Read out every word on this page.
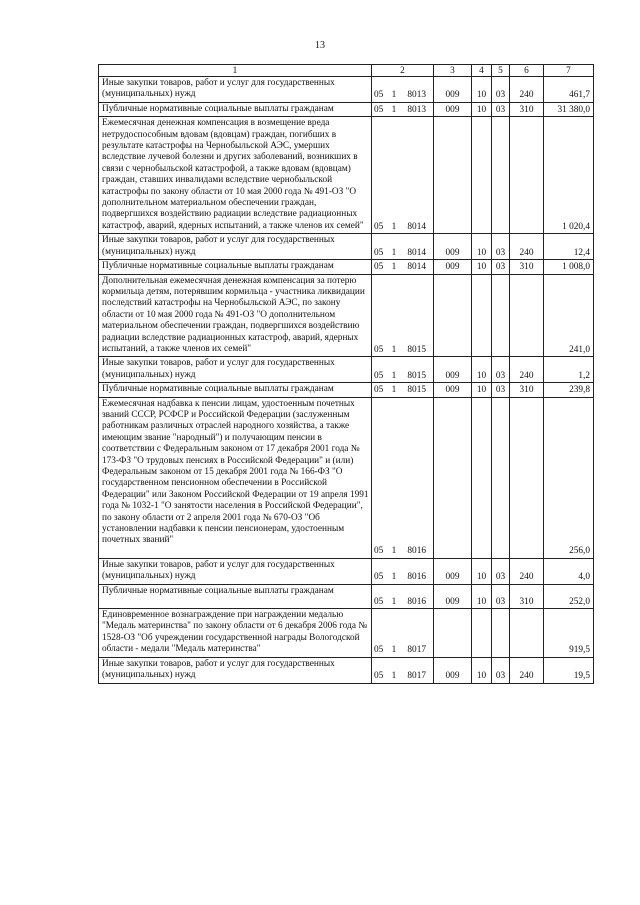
13
1	2	3	4	5	6	7
Иные закупки товаров, работ и услуг для государственных (муниципальных) нужд	05 1 8013	009	10	03	240	461,7
Публичные нормативные социальные выплаты гражданам	05 1 8013	009	10	03	310	31 380,0
Ежемесячная денежная компенсация в возмещение вреда нетрудоспособным вдовам (вдовцам) граждан, погибших в результате катастрофы на Чернобыльской АЭС, умерших вследствие лучевой болезни и других заболеваний, возникших в связи с чернобыльской катастрофой, а также вдовам (вдовцам) граждан, ставших инвалидами вследствие чернобыльской катастрофы по закону области от 10 мая 2000 года № 491-ОЗ "О дополнительном материальном обеспечении граждан, подвергшихся воздействию радиации вследствие радиационных катастроф, аварий, ядерных испытаний, а также членов их семей"	05 1 8014					1 020,4
Иные закупки товаров, работ и услуг для государственных (муниципальных) нужд	05 1 8014	009	10	03	240	12,4
Публичные нормативные социальные выплаты гражданам	05 1 8014	009	10	03	310	1 008,0
Дополнительная ежемесячная денежная компенсация за потерю кормильца детям, потерявшим кормильца - участника ликвидации последствий катастрофы на Чернобыльской АЭС, по закону области от 10 мая 2000 года № 491-ОЗ "О дополнительном материальном обеспечении граждан, подвергшихся воздействию радиации вследствие радиационных катастроф, аварий, ядерных испытаний, а также членов их семей"	05 1 8015					241,0
Иные закупки товаров, работ и услуг для государственных (муниципальных) нужд	05 1 8015	009	10	03	240	1,2
Публичные нормативные социальные выплаты гражданам	05 1 8015	009	10	03	310	239,8
Ежемесячная надбавка к пенсии лицам, удостоенным почетных званий СССР, РСФСР и Российской Федерации (заслуженным работникам различных отраслей народного хозяйства, а также имеющим звание "народный") и получающим пенсии в соответствии с Федеральным законом от 17 декабря 2001 года № 173-ФЗ "О трудовых пенсиях в Российской Федерации" и (или) Федеральным законом от 15 декабря 2001 года № 166-ФЗ "О государственном пенсионном обеспечении в Российской Федерации" или Законом Российской Федерации от 19 апреля 1991 года № 1032-1 "О занятости населения в Российской Федерации", по закону области от 2 апреля 2001 года № 670-ОЗ "Об установлении надбавки к пенсии пенсионерам, удостоенным почетных званий"	05 1 8016					256,0
Иные закупки товаров, работ и услуг для государственных (муниципальных) нужд	05 1 8016	009	10	03	240	4,0
Публичные нормативные социальные выплаты гражданам	05 1 8016	009	10	03	310	252,0
Единовременное вознаграждение при награждении медалью "Медаль материнства" по закону области от 6 декабря 2006 года № 1528-ОЗ "Об учреждении государственной награды Вологодской области - медали "Медаль материнства"	05 1 8017					919,5
Иные закупки товаров, работ и услуг для государственных (муниципальных) нужд	05 1 8017	009	10	03	240	19,5
